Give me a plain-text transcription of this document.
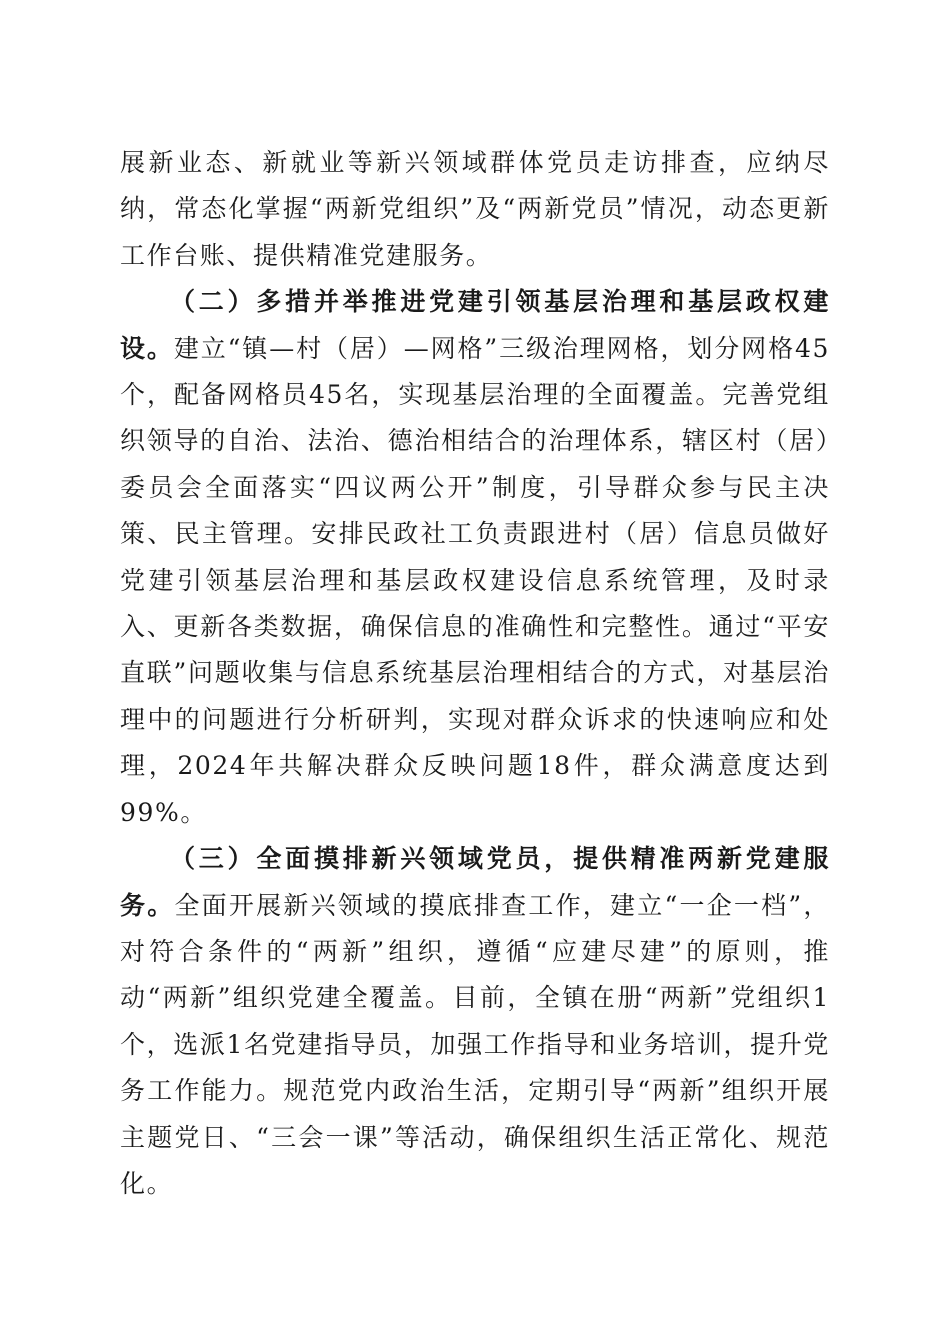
展新业态、新就业等新兴领域群体党员走访排查，应纳尽纳，常态化掌握“两新党组织”及“两新党员”情况，动态更新工作台账、提供精准党建服务。

（二）多措并举推进党建引领基层治理和基层政权建设。建立“镇—村（居）—网格”三级治理网格，划分网格45个，配备网格员45名，实现基层治理的全面覆盖。完善党组织领导的自治、法治、德治相结合的治理体系，辖区村（居）委员会全面落实“四议两公开”制度，引导群众参与民主决策、民主管理。安排民政社工负责跟进村（居）信息员做好党建引领基层治理和基层政权建设信息系统管理，及时录入、更新各类数据，确保信息的准确性和完整性。通过“平安直联”问题收集与信息系统基层治理相结合的方式，对基层治理中的问题进行分析研判，实现对群众诉求的快速响应和处理，2024年共解决群众反映问题18件，群众满意度达到99%。

（三）全面摸排新兴领域党员，提供精准两新党建服务。全面开展新兴领域的摸底排查工作，建立“一企一档”，对符合条件的“两新”组织，遵循“应建尽建”的原则，推动“两新”组织党建全覆盖。目前，全镇在册“两新”党组织1个，选派1名党建指导员，加强工作指导和业务培训，提升党务工作能力。规范党内政治生活，定期引导“两新”组织开展主题党日、“三会一课”等活动，确保组织生活正常化、规范化。
